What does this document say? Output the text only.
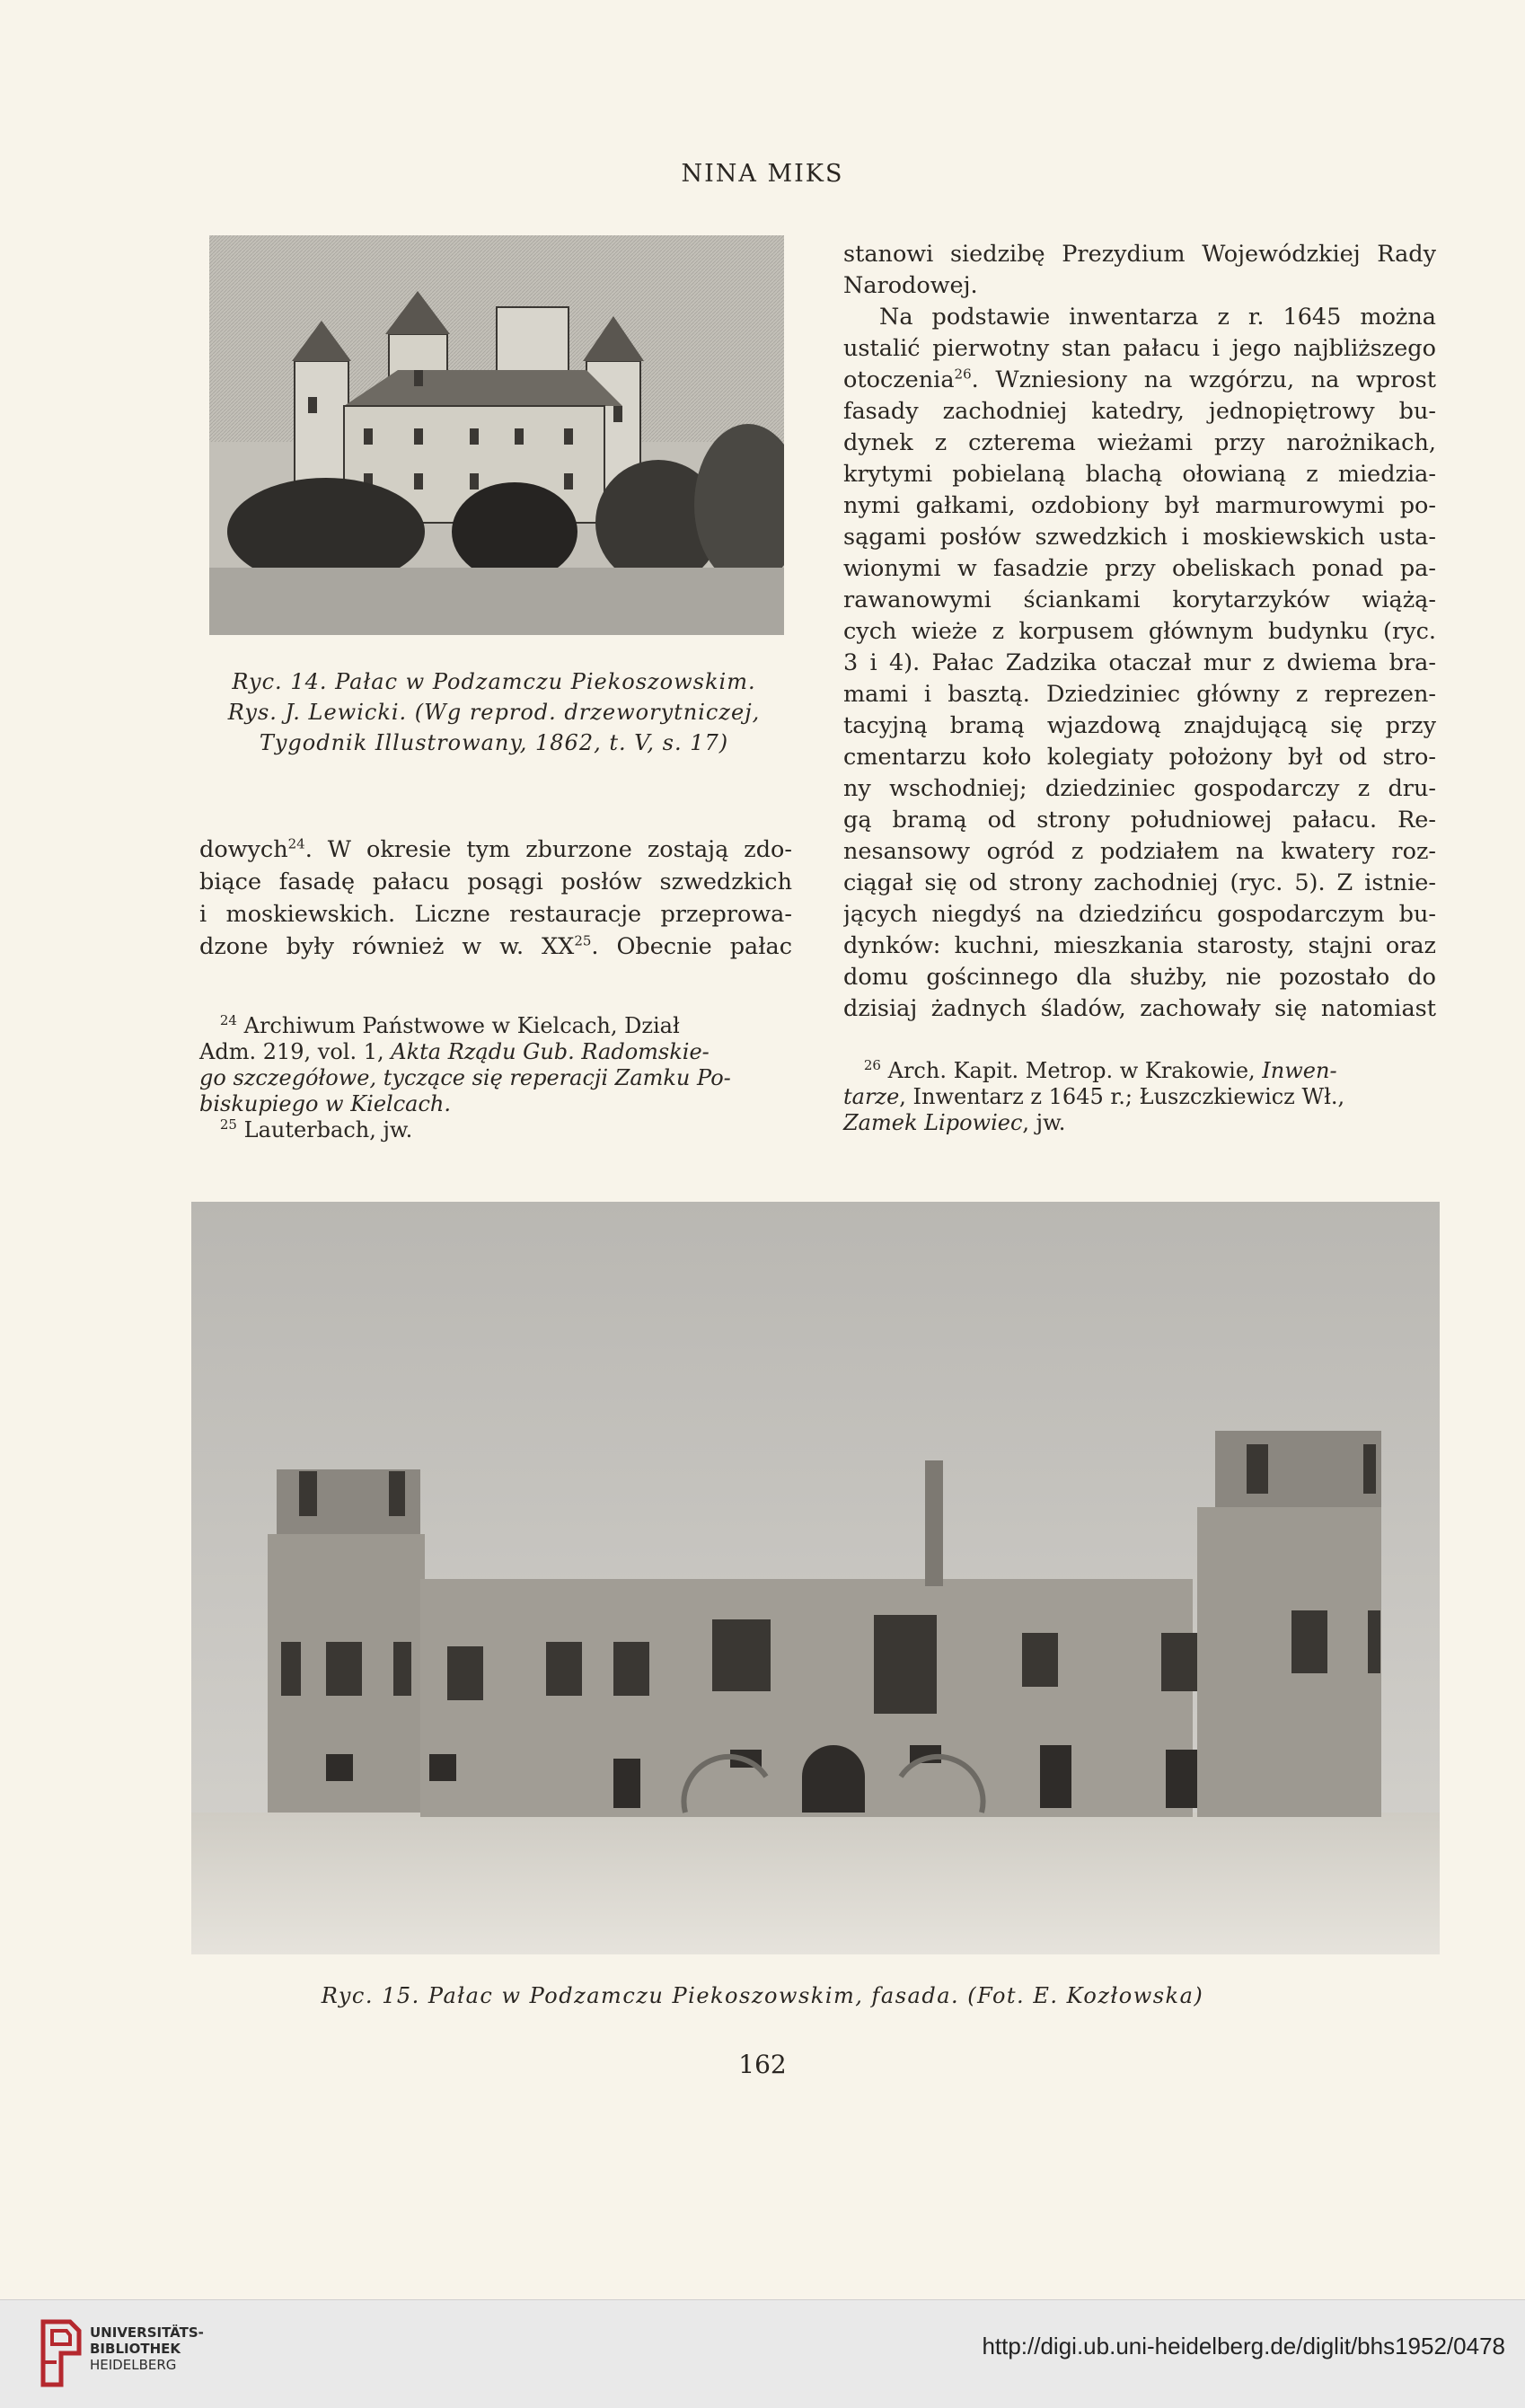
NINA MIKS
Ryc. 14. Pałac w Podzamczu Piekoszowskim.
Rys. J. Lewicki. (Wg reprod. drzeworytniczej,
Tygodnik Illustrowany, 1862, t. V, s. 17)
dowych$^{24}$. W okresie tym zburzone zostają zdo-
biące fasadę pałacu posągi posłów szwedzkich
i moskiewskich. Liczne restauracje przeprowa-
dzone były również w w. XX$^{25}$. Obecnie pałac
$^{24}$ Archiwum Państwowe w Kielcach, Dział
Adm. 219, vol. 1, Akta Rządu Gub. Radomskie-
go szczegółowe, tyczące się reperacji Zamku Po-
biskupiego w Kielcach.
$^{25}$ Lauterbach, jw.
stanowi siedzibę Prezydium Wojewódzkiej Rady
Narodowej.
Na podstawie inwentarza z r. 1645 można
ustalić pierwotny stan pałacu i jego najbliższego
otoczenia$^{26}$. Wzniesiony na wzgórzu, na wprost
fasady zachodniej katedry, jednopiętrowy bu-
dynek z czterema wieżami przy narożnikach,
krytymi pobielaną blachą ołowianą z miedzia-
nymi gałkami, ozdobiony był marmurowymi po-
sągami posłów szwedzkich i moskiewskich usta-
wionymi w fasadzie przy obeliskach ponad pa-
rawanowymi ściankami korytarzyków wiążą-
cych wieże z korpusem głównym budynku (ryc.
3 i 4). Pałac Zadzika otaczał mur z dwiema bra-
mami i basztą. Dziedziniec główny z reprezen-
tacyjną bramą wjazdową znajdującą się przy
cmentarzu koło kolegiaty położony był od stro-
ny wschodniej; dziedziniec gospodarczy z dru-
gą bramą od strony południowej pałacu. Re-
nesansowy ogród z podziałem na kwatery roz-
ciągał się od strony zachodniej (ryc. 5). Z istnie-
jących niegdyś na dziedzińcu gospodarczym bu-
dynków: kuchni, mieszkania starosty, stajni oraz
domu gościnnego dla służby, nie pozostało do
dzisiaj żadnych śladów, zachowały się natomiast
$^{26}$ Arch. Kapit. Metrop. w Krakowie, Inwen-
tarze, Inwentarz z 1645 r.; Łuszczkiewicz Wł.,
Zamek Lipowiec, jw.
Ryc. 15. Pałac w Podzamczu Piekoszowskim, fasada. (Fot. E. Kozłowska)
162
UNIVERSITÄTS-
BIBLIOTHEK
HEIDELBERG
http://digi.ub.uni-heidelberg.de/diglit/bhs1952/0478
